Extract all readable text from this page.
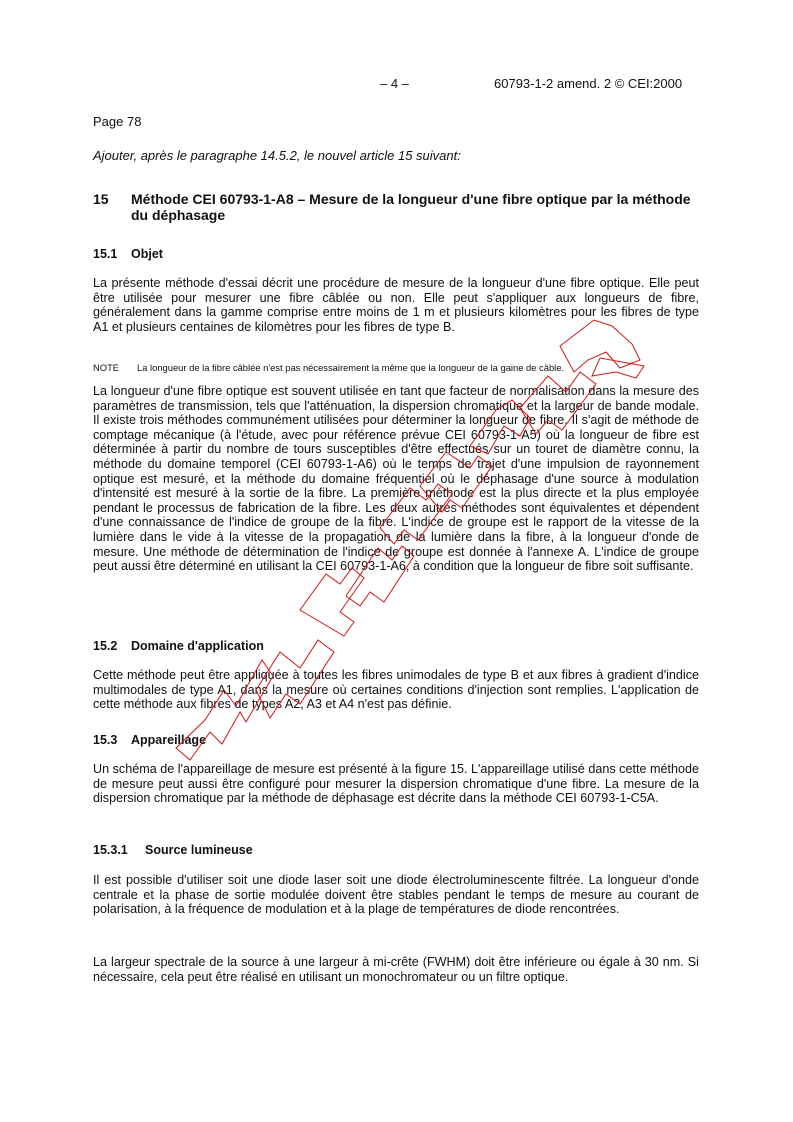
– 4 –	60793-1-2 amend. 2 © CEI:2000
Page 78
Ajouter, après le paragraphe 14.5.2, le nouvel article 15 suivant:
15	Méthode CEI 60793-1-A8 – Mesure de la longueur d'une fibre optique par la méthode du déphasage
15.1 Objet

La présente méthode d'essai décrit une procédure de mesure de la longueur d'une fibre optique. Elle peut être utilisée pour mesurer une fibre câblée ou non. Elle peut s'appliquer aux longueurs de fibre, généralement dans la gamme comprise entre moins de 1 m et plusieurs kilomètres pour les fibres de type A1 et plusieurs centaines de kilomètres pour les fibres de type B.

NOTE La longueur de la fibre câblée n'est pas nécessairement la même que la longueur de la gaine de câble.

La longueur d'une fibre optique est souvent utilisée en tant que facteur de normalisation dans la mesure des paramètres de transmission, tels que l'atténuation, la dispersion chromatique et la largeur de bande modale. Il existe trois méthodes communément utilisées pour déterminer la longueur de fibre. Il s'agit de méthode de comptage mécanique (à l'étude, avec pour référence prévue CEI 60793-1-A5) où la longueur de fibre est déterminée à partir du nombre de tours susceptibles d'être effectués sur un touret de diamètre connu, la méthode du domaine temporel (CEI 60793-1-A6) où le temps de trajet d'une impulsion de rayonnement optique est mesuré, et la méthode du domaine fréquentiel où le déphasage d'une source à modulation d'intensité est mesuré à la sortie de la fibre. La première méthode est la plus directe et la plus employée pendant le processus de fabrication de la fibre. Les deux autres méthodes sont équivalentes et dépendent d'une connaissance de l'indice de groupe de la fibre. L'indice de groupe est le rapport de la vitesse de la lumière dans le vide à la vitesse de la propagation de la lumière dans la fibre, à la longueur d'onde de mesure. Une méthode de détermination de l'indice de groupe est donnée à l'annexe A. L'indice de groupe peut aussi être déterminé en utilisant la CEI 60793-1-A6, à condition que la longueur de fibre soit suffisante.

15.2 Domaine d'application

Cette méthode peut être appliquée à toutes les fibres unimodales de type B et aux fibres à gradient d'indice multimodales de type A1, dans la mesure où certaines conditions d'injection sont remplies. L'application de cette méthode aux fibres de types A2, A3 et A4 n'est pas définie.

15.3 Appareillage

Un schéma de l'appareillage de mesure est présenté à la figure 15. L'appareillage utilisé dans cette méthode de mesure peut aussi être configuré pour mesurer la dispersion chromatique d'une fibre. La mesure de la dispersion chromatique par la méthode de déphasage est décrite dans la méthode CEI 60793-1-C5A.

15.3.1 Source lumineuse

Il est possible d'utiliser soit une diode laser soit une diode électroluminescente filtrée. La longueur d'onde centrale et la phase de sortie modulée doivent être stables pendant le temps de mesure au courant de polarisation, à la fréquence de modulation et à la plage de températures de diode rencontrées.

La largeur spectrale de la source à une largeur à mi-crête (FWHM) doit être inférieure ou égale à 30 nm. Si nécessaire, cela peut être réalisé en utilisant un monochromateur ou un filtre optique.
